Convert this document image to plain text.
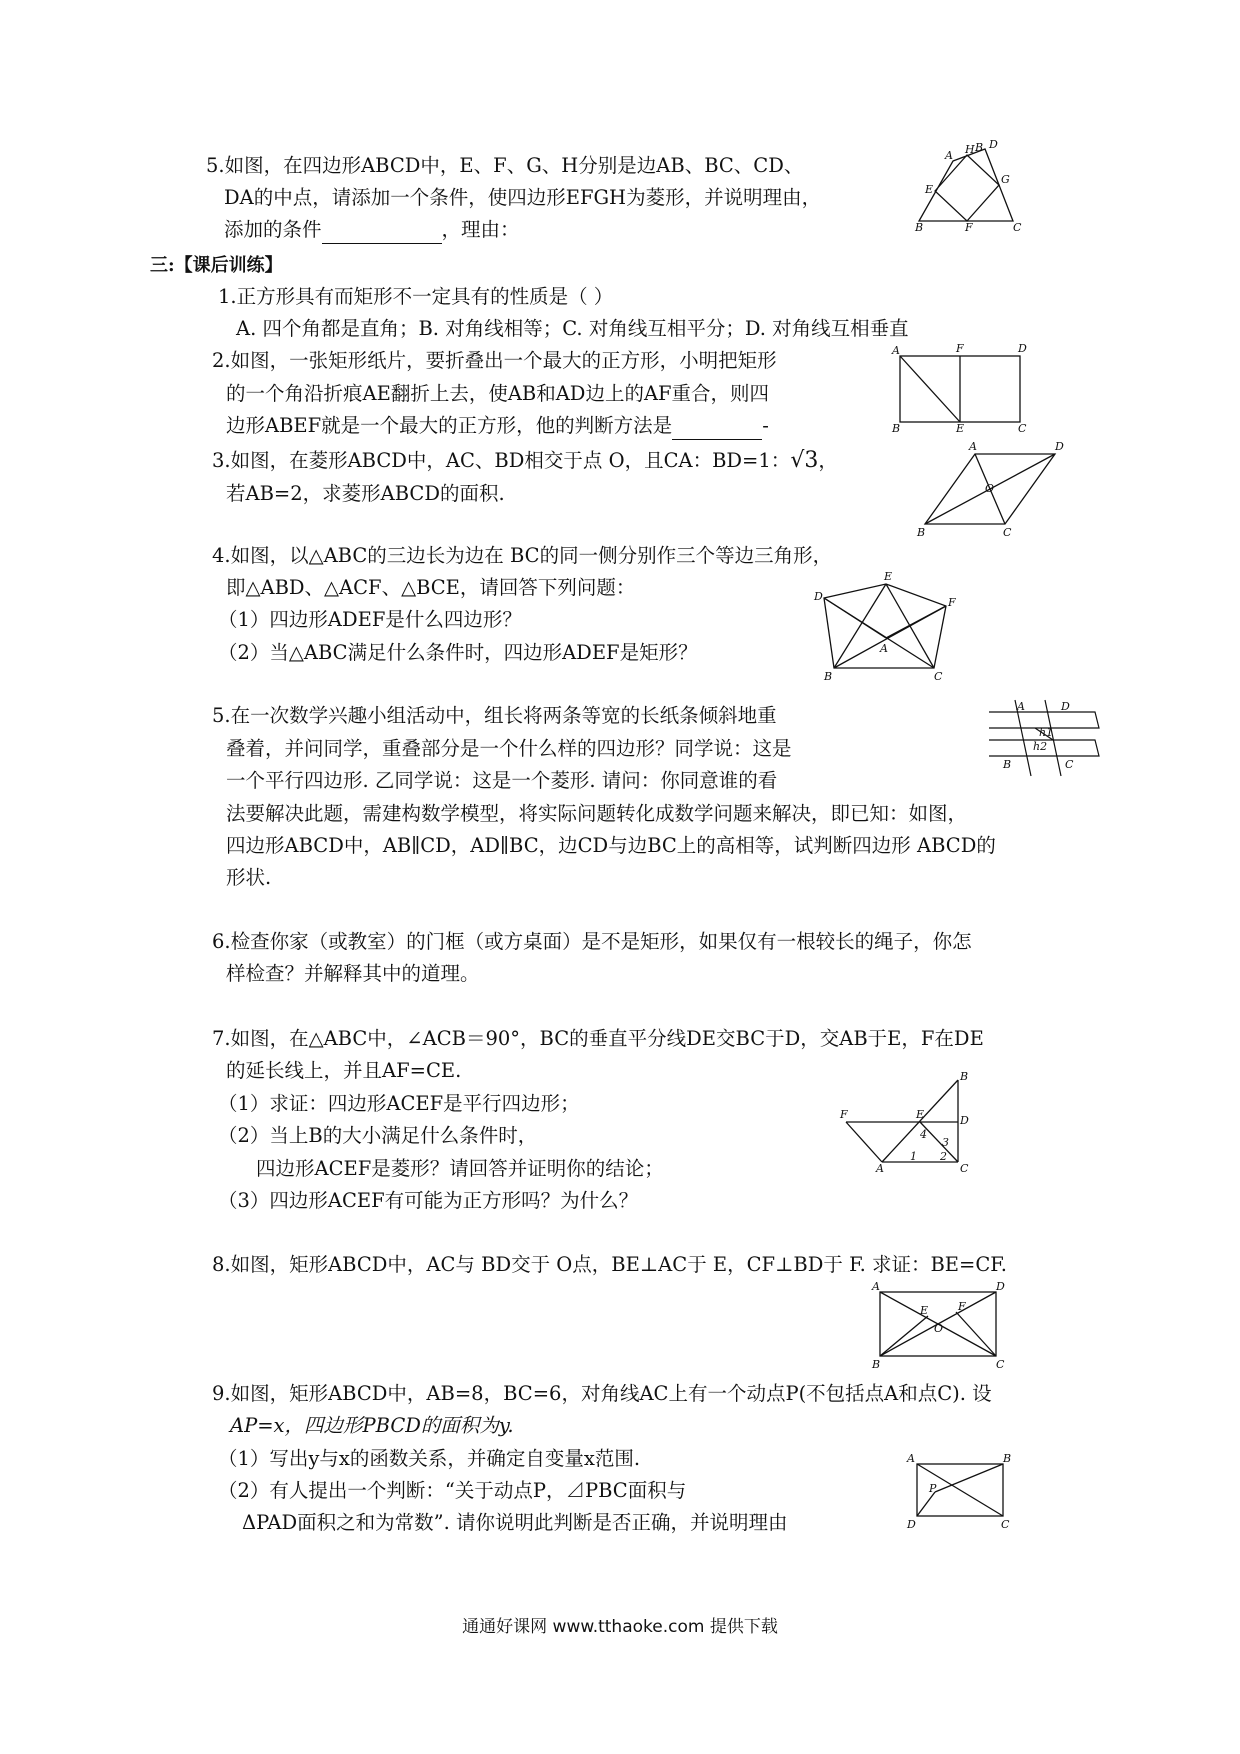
5.如图，在四边形ABCD中，E、F、G、H分别是边AB、BC、CD、
DA的中点，请添加一个条件，使四边形EFGH为菱形，并说明理由，
添加的条件	，理由：
三:【课后训练】
1.正方形具有而矩形不一定具有的性质是（ ）
A. 四个角都是直角；B. 对角线相等；C. 对角线互相平分；D. 对角线互相垂直
2.如图，一张矩形纸片，要折叠出一个最大的正方形，小明把矩形
的一个角沿折痕AE翻折上去，使AB和AD边上的AF重合，则四
边形ABEF就是一个最大的正方形，他的判断方法是	-
3.如图，在菱形ABCD中，AC、BD相交于点 O，且CA：BD=1：√3，
若AB=2，求菱形ABCD的面积.
4.如图，以△ABC的三边长为边在 BC的同一侧分别作三个等边三角形，
即△ABD、△ACF、△BCE，请回答下列问题：
（1）四边形ADEF是什么四边形？
（2）当△ABC满足什么条件时，四边形ADEF是矩形？
5.在一次数学兴趣小组活动中，组长将两条等宽的长纸条倾斜地重
叠着，并问同学，重叠部分是一个什么样的四边形？同学说：这是
一个平行四边形. 乙同学说：这是一个菱形. 请问：你同意谁的看
法要解决此题，需建构数学模型，将实际问题转化成数学问题来解决，即已知：如图，
四边形ABCD中，AB∥CD，AD∥BC，边CD与边BC上的高相等，试判断四边形 ABCD的
形状.
6.检查你家（或教室）的门框（或方桌面）是不是矩形，如果仅有一根较长的绳子，你怎
样检查？并解释其中的道理。
7.如图，在△ABC中，∠ACB＝90°，BC的垂直平分线DE交BC于D，交AB于E，F在DE
的延长线上，并且AF=CE.
（1）求证：四边形ACEF是平行四边形；
（2）当上B的大小满足什么条件时，
四边形ACEF是菱形？请回答并证明你的结论；
（3）四边形ACEF有可能为正方形吗？为什么？
8.如图，矩形ABCD中，AC与 BD交于 O点，BE⊥AC于 E，CF⊥BD于 F. 求证：BE=CF.
9.如图，矩形ABCD中，AB=8，BC=6，对角线AC上有一个动点P(不包括点A和点C). 设
AP=x，四边形PBCD的面积为y.
（1）写出y与x的函数关系，并确定自变量x范围.
（2）有人提出一个判断：“关于动点P，⊿PBC面积与
ΔPAD面积之和为常数”. 请你说明此判断是否正确，并说明理由
通通好课网 www.tthaoke.com 提供下载
A
B D
E
G
H
B	F	C
A	F	D
B	E	C
A	D
O
B	C
D
E
F
A
B	C
A	D
h1
h2
B	C
F	E
B
D
4
3
A
1 2
C
A	D
E	F
O
B	C
A	B
P
D	C
